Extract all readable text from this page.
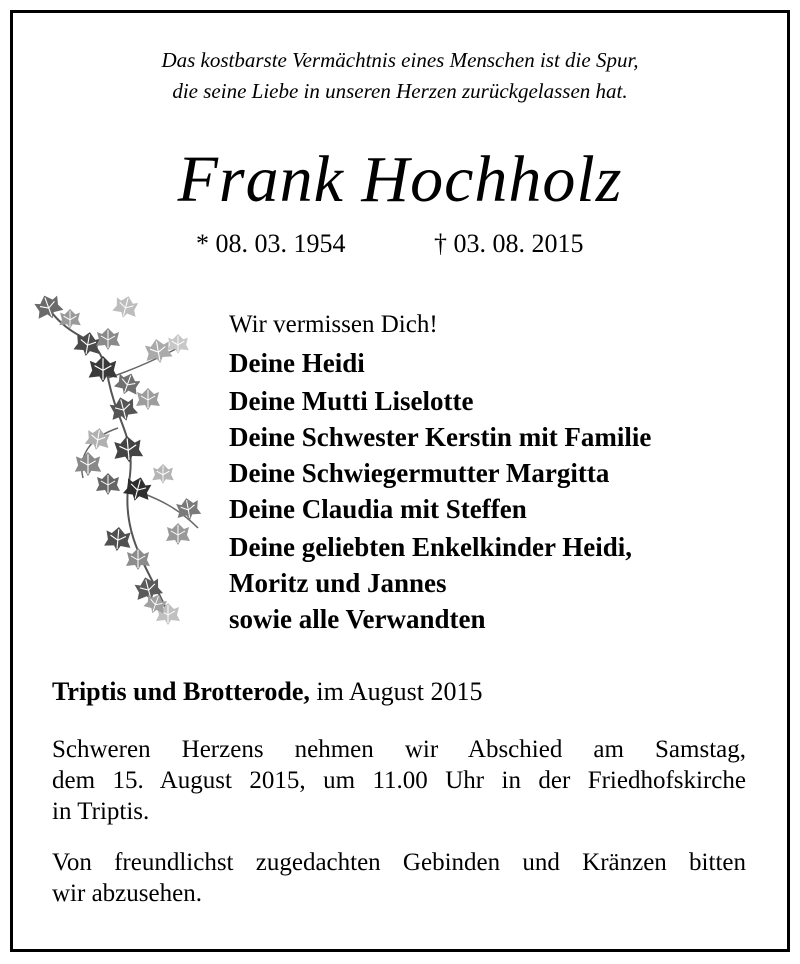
Das kostbarste Vermächtnis eines Menschen ist die Spur,
die seine Liebe in unseren Herzen zurückgelassen hat.
Frank Hochholz
* 08. 03. 1954	† 03. 08. 2015
Wir vermissen Dich!
Deine Heidi
Deine Mutti Liselotte
Deine Schwester Kerstin mit Familie
Deine Schwiegermutter Margitta
Deine Claudia mit Steffen
Deine geliebten Enkelkinder Heidi,
Moritz und Jannes
sowie alle Verwandten
Triptis und Brotterode, im August 2015
Schweren Herzens nehmen wir Abschied am Samstag,
dem 15. August 2015, um 11.00 Uhr in der Friedhofskirche
in Triptis.
Von freundlichst zugedachten Gebinden und Kränzen bitten
wir abzusehen.
